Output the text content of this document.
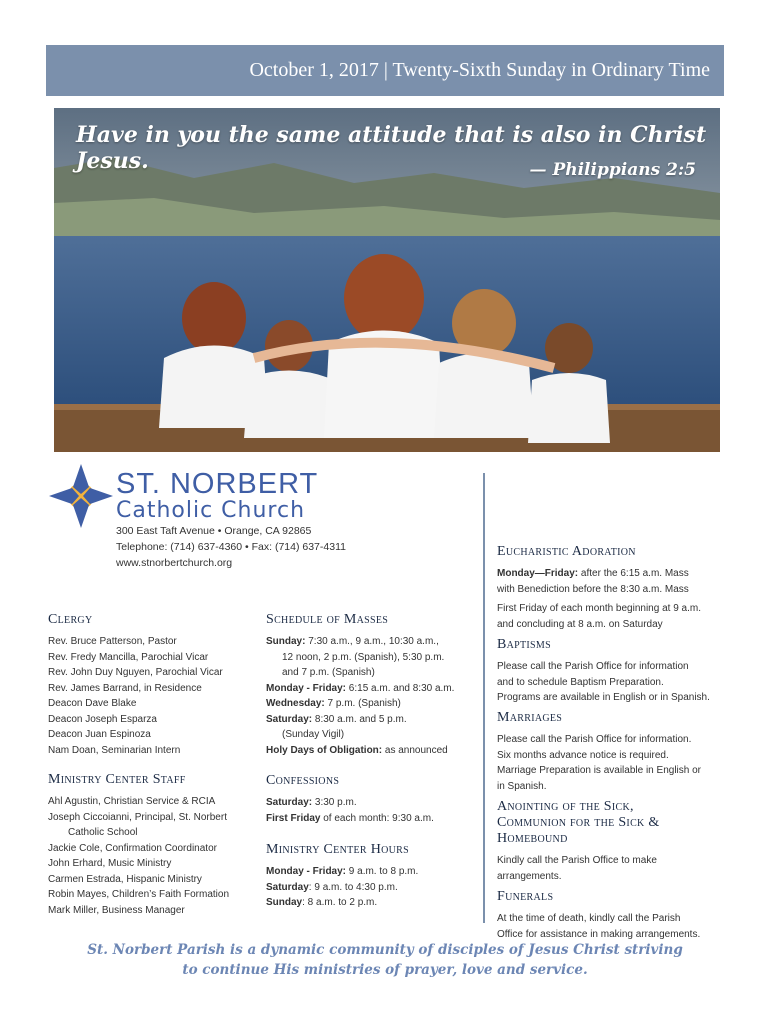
October 1, 2017 | Twenty-Sixth Sunday in Ordinary Time
Have in you the same attitude that is also in Christ Jesus.	— Philippians 2:5
ST. NORBERT
Catholic Church
300 East Taft Avenue • Orange, CA 92865
Telephone: (714) 637-4360 • Fax: (714) 637-4311
www.stnorbertchurch.org
Clergy
Rev. Bruce Patterson, Pastor
Rev. Fredy Mancilla, Parochial Vicar
Rev. John Duy Nguyen, Parochial Vicar
Rev. James Barrand, in Residence
Deacon Dave Blake
Deacon Joseph Esparza
Deacon Juan Espinoza
Nam Doan, Seminarian Intern
Ministry Center Staff
Ahl Agustin, Christian Service & RCIA
Joseph Ciccoianni, Principal, St. Norbert
Catholic School
Jackie Cole, Confirmation Coordinator
John Erhard, Music Ministry
Carmen Estrada, Hispanic Ministry
Robin Mayes, Children’s Faith Formation
Mark Miller, Business Manager
Schedule of Masses
Sunday: 7:30 a.m., 9 a.m., 10:30 a.m.,
12 noon, 2 p.m. (Spanish), 5:30 p.m.
and 7 p.m. (Spanish)
Monday - Friday: 6:15 a.m. and 8:30 a.m.
Wednesday: 7 p.m. (Spanish)
Saturday: 8:30 a.m. and 5 p.m.
(Sunday Vigil)
Holy Days of Obligation: as announced
Confessions
Saturday: 3:30 p.m.
First Friday of each month: 9:30 a.m.
Ministry Center Hours
Monday - Friday: 9 a.m. to 8 p.m.
Saturday: 9 a.m. to 4:30 p.m.
Sunday: 8 a.m. to 2 p.m.
Eucharistic Adoration
Monday—Friday: after the 6:15 a.m. Mass
with Benediction before the 8:30 a.m. Mass
First Friday of each month beginning at 9 a.m.
and concluding at 8 a.m. on Saturday
Baptisms
Please call the Parish Office for information
and to schedule Baptism Preparation.
Programs are available in English or in Spanish.
Marriages
Please call the Parish Office for information.
Six months advance notice is required.
Marriage Preparation is available in English or
in Spanish.
Anointing of the Sick,
Communion for the Sick &
Homebound
Kindly call the Parish Office to make
arrangements.
Funerals
At the time of death, kindly call the Parish
Office for assistance in making arrangements.
St. Norbert Parish is a dynamic community of disciples of Jesus Christ striving
to continue His ministries of prayer, love and service.
